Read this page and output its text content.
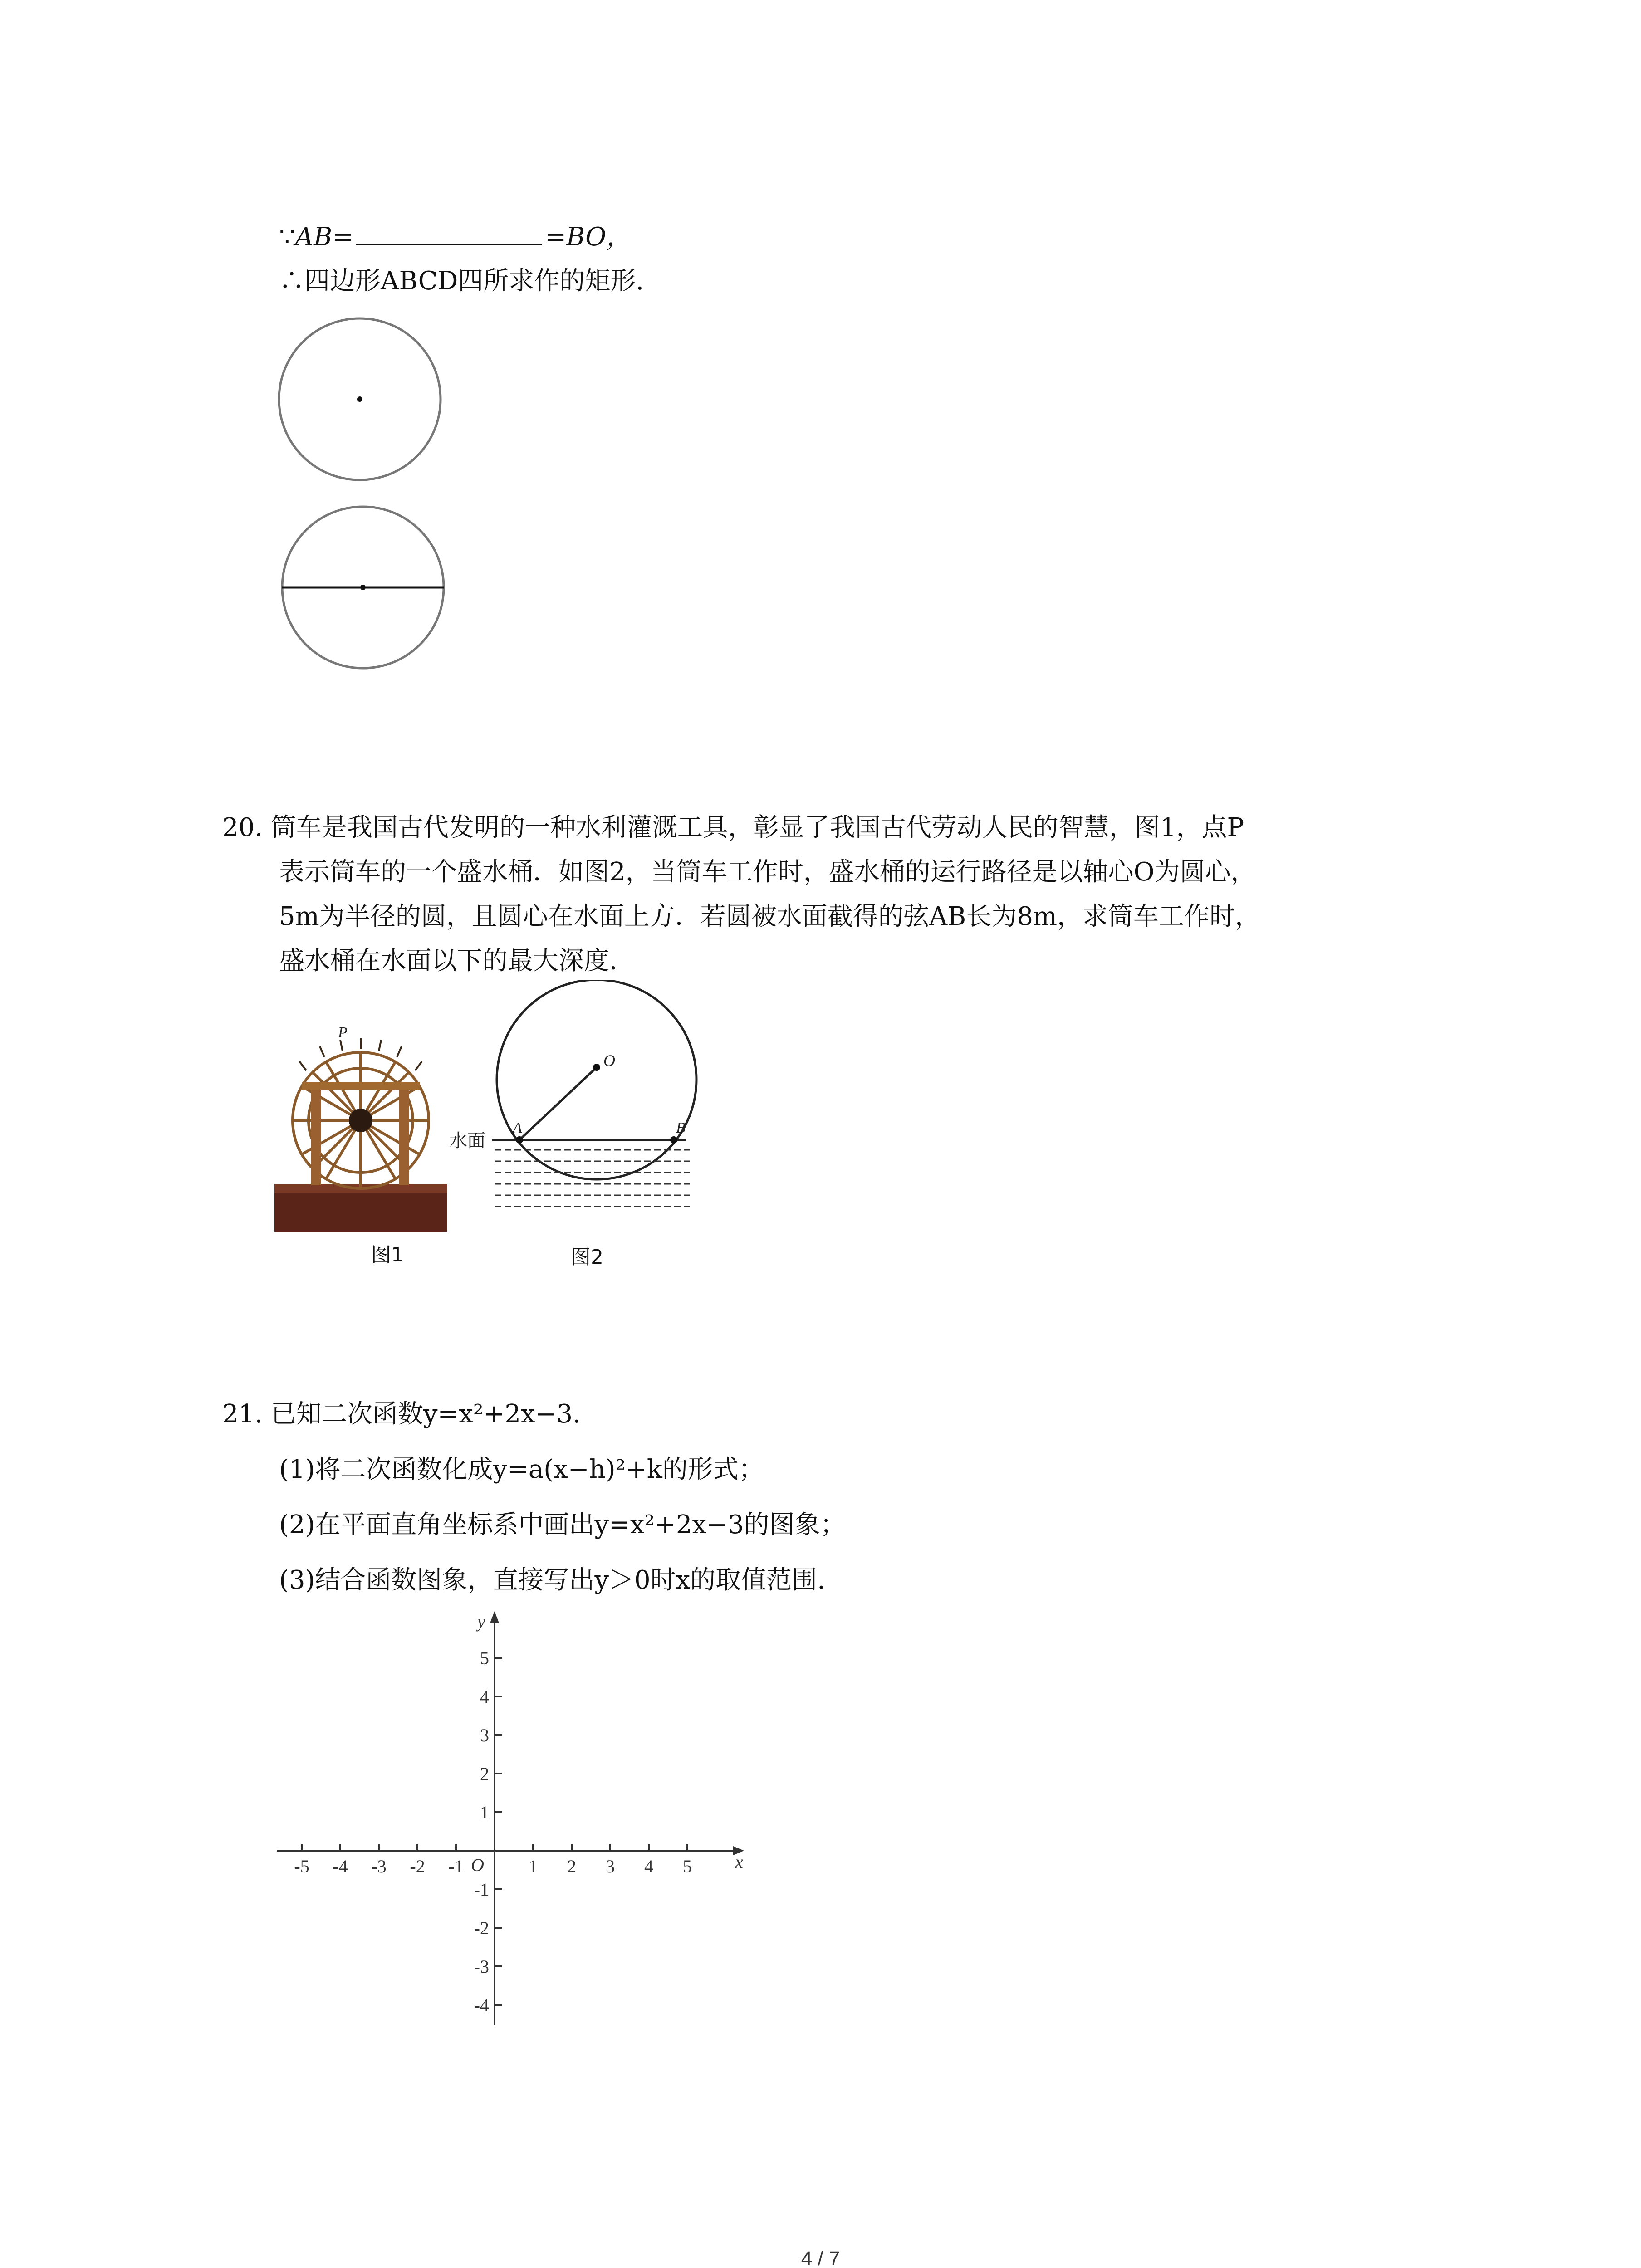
∵AB=	=BO，
∴四边形ABCD四所求作的矩形.
20. 筒车是我国古代发明的一种水利灌溉工具，彰显了我国古代劳动人民的智慧，图1，点P
表示筒车的一个盛水桶．如图2，当筒车工作时，盛水桶的运行路径是以轴心O为圆心，
5m为半径的圆，且圆心在水面上方．若圆被水面截得的弦AB长为8m，求筒车工作时，
盛水桶在水面以下的最大深度．
P
图1
O
A	B
水面
图2
21. 已知二次函数y=x²+2x−3.
(1)将二次函数化成y=a(x−h)²+k的形式；
(2)在平面直角坐标系中画出y=x²+2x−3的图象；
(3)结合函数图象，直接写出y＞0时x的取值范围.
-5 -4 -3 -2 -1	1 2 3 4 5
5
4
3
2
1
-1
-2
-3
-4
x
y
O
4 / 7
